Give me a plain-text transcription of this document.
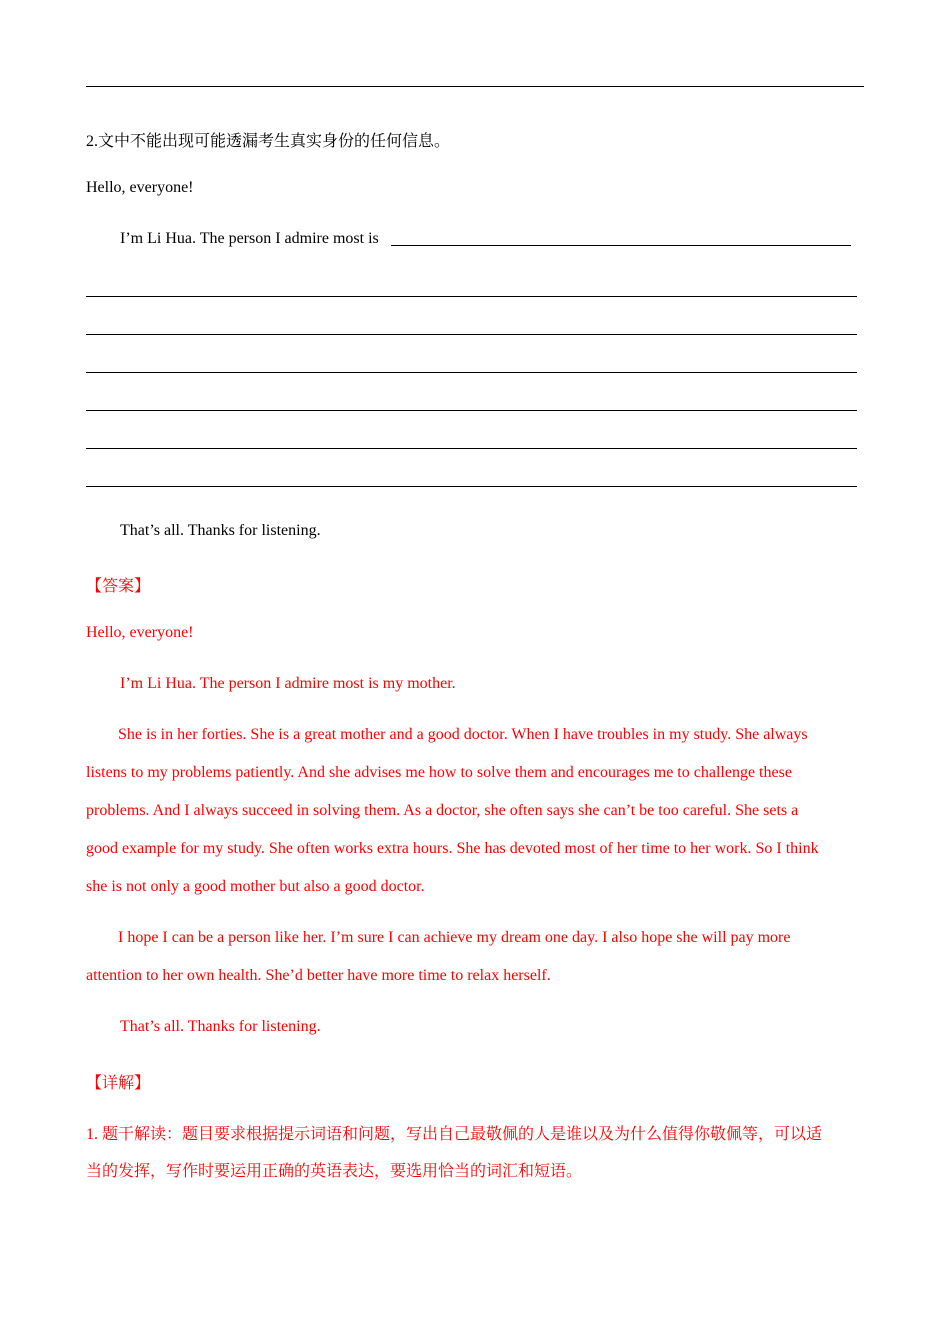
2.文中不能出现可能透漏考生真实身份的任何信息。
Hello, everyone!
I’m Li Hua. The person I admire most is
That’s all. Thanks for listening.
【答案】
Hello, everyone!
I’m Li Hua. The person I admire most is my mother.
She is in her forties. She is a great mother and a good doctor. When I have troubles in my study. She always
listens to my problems patiently. And she advises me how to solve them and encourages me to challenge these
problems. And I always succeed in solving them. As a doctor, she often says she can’t be too careful. She sets a
good example for my study. She often works extra hours. She has devoted most of her time to her work. So I think
she is not only a good mother but also a good doctor.
I hope I can be a person like her. I’m sure I can achieve my dream one day. I also hope she will pay more
attention to her own health. She’d better have more time to relax herself.
That’s all. Thanks for listening.
【详解】
1. 题干解读：题目要求根据提示词语和问题，写出自己最敬佩的人是谁以及为什么值得你敬佩等，可以适
当的发挥，写作时要运用正确的英语表达，要选用恰当的词汇和短语。
